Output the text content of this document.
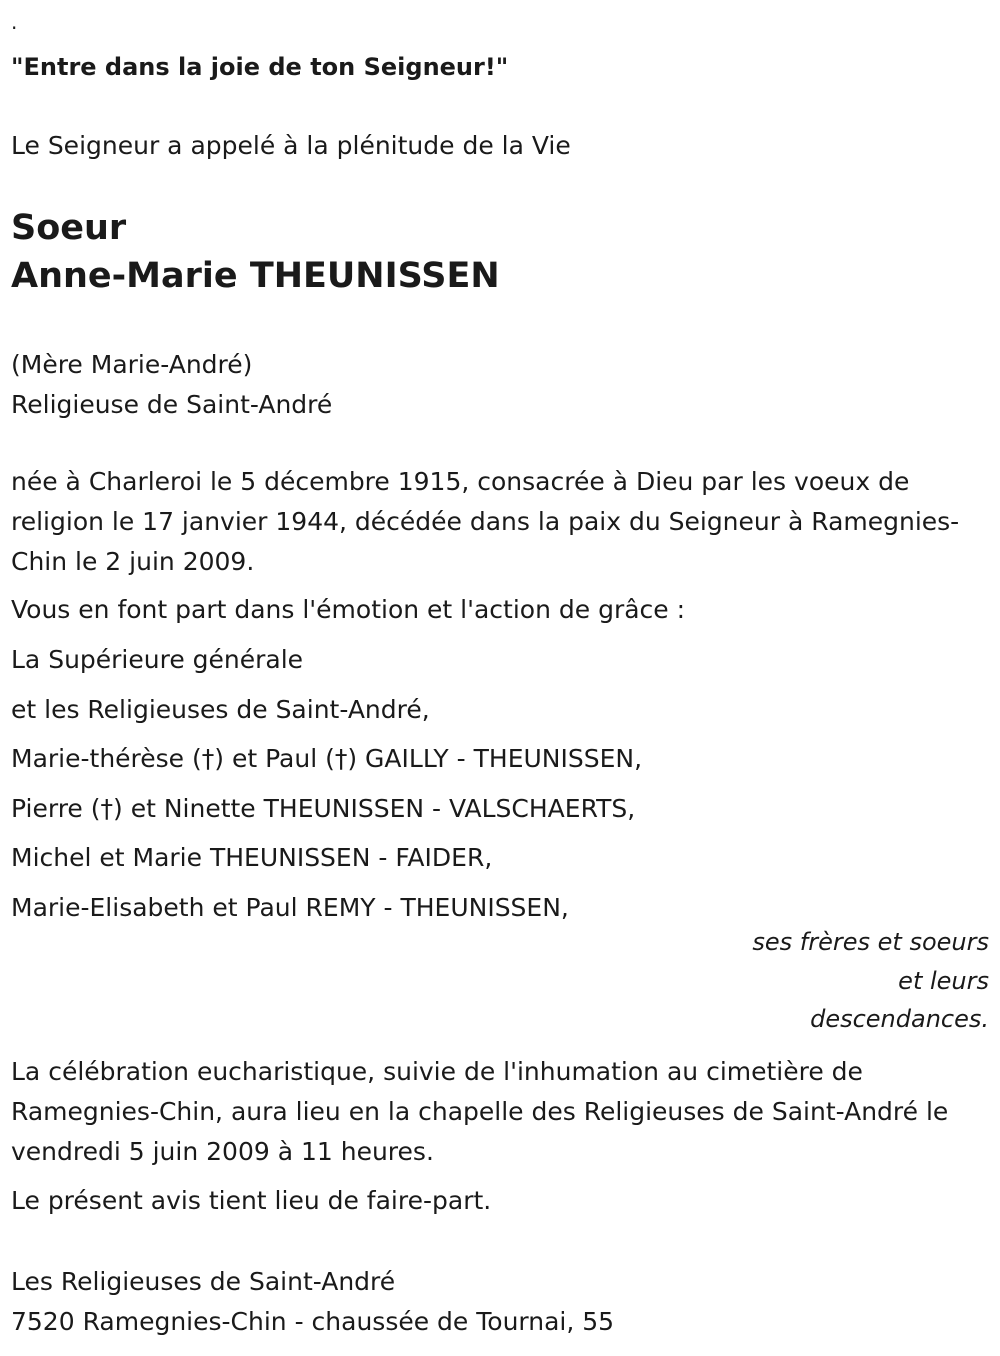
.
"Entre dans la joie de ton Seigneur!"
Le Seigneur a appelé à la plénitude de la Vie
Soeur
Anne-Marie THEUNISSEN
(Mère Marie-André)
Religieuse de Saint-André
née à Charleroi le 5 décembre 1915, consacrée à Dieu par les voeux de religion le 17 janvier 1944, décédée dans la paix du Seigneur à Ramegnies-Chin le 2 juin 2009.
Vous en font part dans l'émotion et l'action de grâce :
La Supérieure générale
et les Religieuses de Saint-André,
Marie-thérèse (†) et Paul (†) GAILLY - THEUNISSEN,
Pierre (†) et Ninette THEUNISSEN - VALSCHAERTS,
Michel et Marie THEUNISSEN - FAIDER,
Marie-Elisabeth et Paul REMY - THEUNISSEN,
ses frères et soeurs
et leurs
descendances.
La célébration eucharistique, suivie de l'inhumation au cimetière de Ramegnies-Chin, aura lieu en la chapelle des Religieuses de Saint-André le vendredi 5 juin 2009 à 11 heures.
Le présent avis tient lieu de faire-part.
Les Religieuses de Saint-André
7520 Ramegnies-Chin - chaussée de Tournai, 55
